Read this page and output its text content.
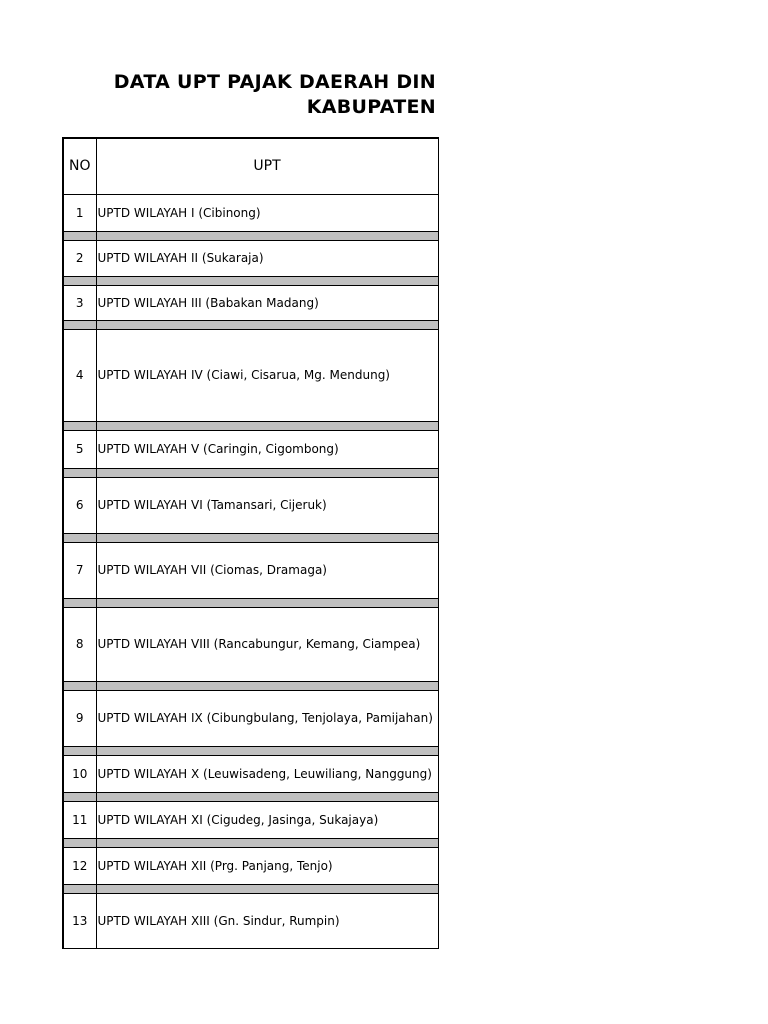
DATA UPT PAJAK DAERAH DIN
KABUPATEN
NO	UPT
1	UPTD WILAYAH I (Cibinong)

2	UPTD WILAYAH II (Sukaraja)

3	UPTD WILAYAH III (Babakan Madang)

4	UPTD WILAYAH IV (Ciawi, Cisarua, Mg. Mendung)

5	UPTD WILAYAH V (Caringin, Cigombong)

6	UPTD WILAYAH VI (Tamansari, Cijeruk)

7	UPTD WILAYAH VII (Ciomas, Dramaga)

8	UPTD WILAYAH VIII (Rancabungur, Kemang, Ciampea)

9	UPTD WILAYAH IX (Cibungbulang, Tenjolaya, Pamijahan)

10	UPTD WILAYAH X (Leuwisadeng, Leuwiliang, Nanggung)

11	UPTD WILAYAH XI (Cigudeg, Jasinga, Sukajaya)

12	UPTD WILAYAH XII (Prg. Panjang, Tenjo)

13	UPTD WILAYAH XIII (Gn. Sindur, Rumpin)
